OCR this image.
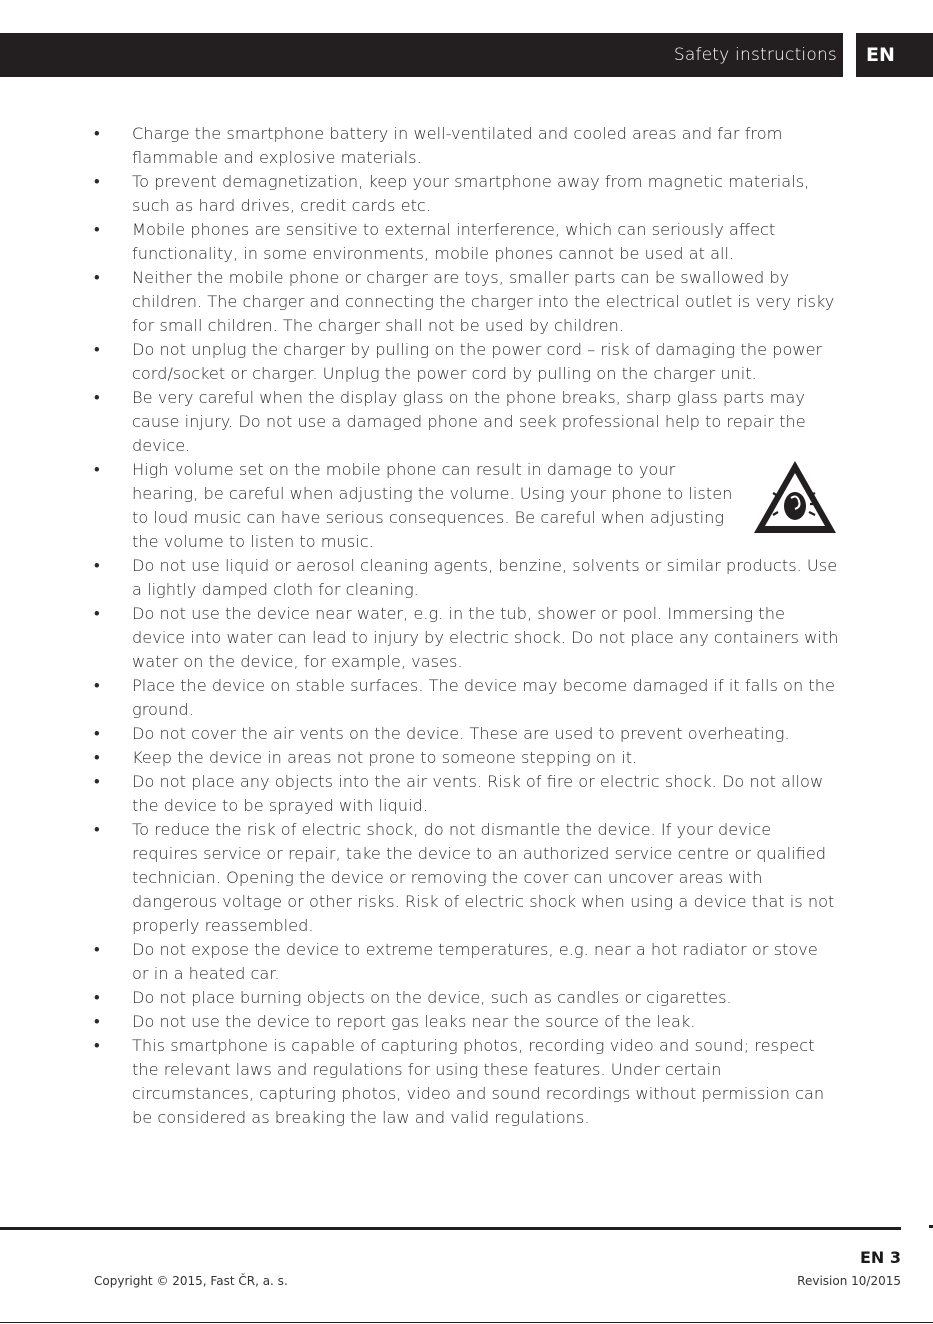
Safety instructions EN
•	Charge the smartphone battery in well-ventilated and cooled areas and far from flammable and explosive materials.
•	To prevent demagnetization, keep your smartphone away from magnetic materials, such as hard drives, credit cards etc.
•	Mobile phones are sensitive to external interference, which can seriously affect functionality, in some environments, mobile phones cannot be used at all.
•	Neither the mobile phone or charger are toys, smaller parts can be swallowed by children. The charger and connecting the charger into the electrical outlet is very risky for small children. The charger shall not be used by children.
•	Do not unplug the charger by pulling on the power cord – risk of damaging the power cord/socket or charger. Unplug the power cord by pulling on the charger unit.
•	Be very careful when the display glass on the phone breaks, sharp glass parts may cause injury. Do not use a damaged phone and seek professional help to repair the device.
•	High volume set on the mobile phone can result in damage to your hearing, be careful when adjusting the volume. Using your phone to listen to loud music can have serious consequences. Be careful when adjusting the volume to listen to music.
•	Do not use liquid or aerosol cleaning agents, benzine, solvents or similar products. Use a lightly damped cloth for cleaning.
•	Do not use the device near water, e.g. in the tub, shower or pool. Immersing the device into water can lead to injury by electric shock. Do not place any containers with water on the device, for example, vases.
•	Place the device on stable surfaces. The device may become damaged if it falls on the ground.
•	Do not cover the air vents on the device. These are used to prevent overheating.
•	Keep the device in areas not prone to someone stepping on it.
•	Do not place any objects into the air vents. Risk of fire or electric shock. Do not allow the device to be sprayed with liquid.
•	To reduce the risk of electric shock, do not dismantle the device. If your device requires service or repair, take the device to an authorized service centre or qualified technician. Opening the device or removing the cover can uncover areas with dangerous voltage or other risks. Risk of electric shock when using a device that is not properly reassembled.
•	Do not expose the device to extreme temperatures, e.g. near a hot radiator or stove or in a heated car.
•	Do not place burning objects on the device, such as candles or cigarettes.
•	Do not use the device to report gas leaks near the source of the leak.
•	This smartphone is capable of capturing photos, recording video and sound; respect the relevant laws and regulations for using these features. Under certain circumstances, capturing photos, video and sound recordings without permission can be considered as breaking the law and valid regulations.
EN 3
Copyright © 2015, Fast ČR, a. s.	Revision 10/2015
